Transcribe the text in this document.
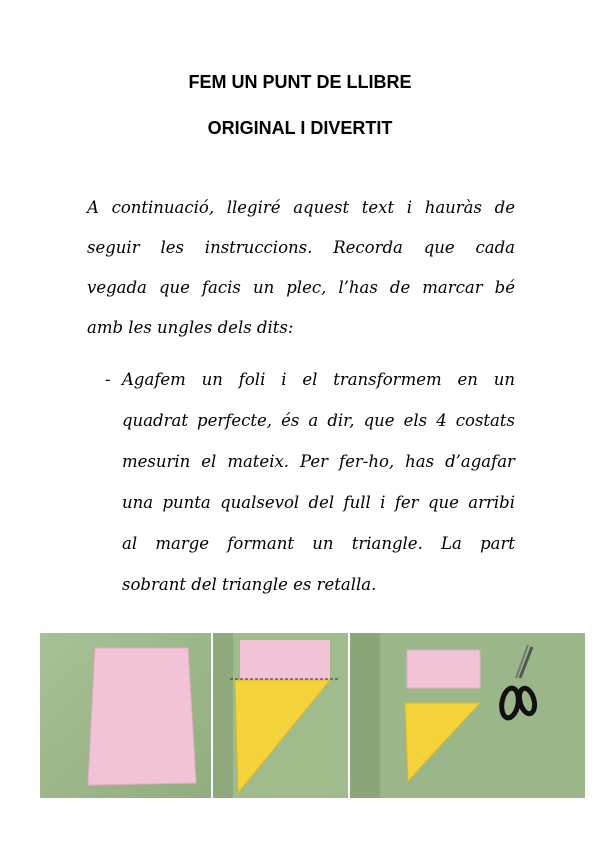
FEM UN PUNT DE LLIBRE
ORIGINAL I DIVERTIT
A continuació, llegiré aquest text i hauràs de
seguir les instruccions. Recorda que cada
vegada que facis un plec, l’has de marcar bé
amb les ungles dels dits:
- Agafem un foli i el transformem en un
quadrat perfecte, és a dir, que els 4 costats
mesurin el mateix. Per fer-ho, has d’agafar
una punta qualsevol del full i fer que arribi
al marge formant un triangle. La part
sobrant del triangle es retalla.
